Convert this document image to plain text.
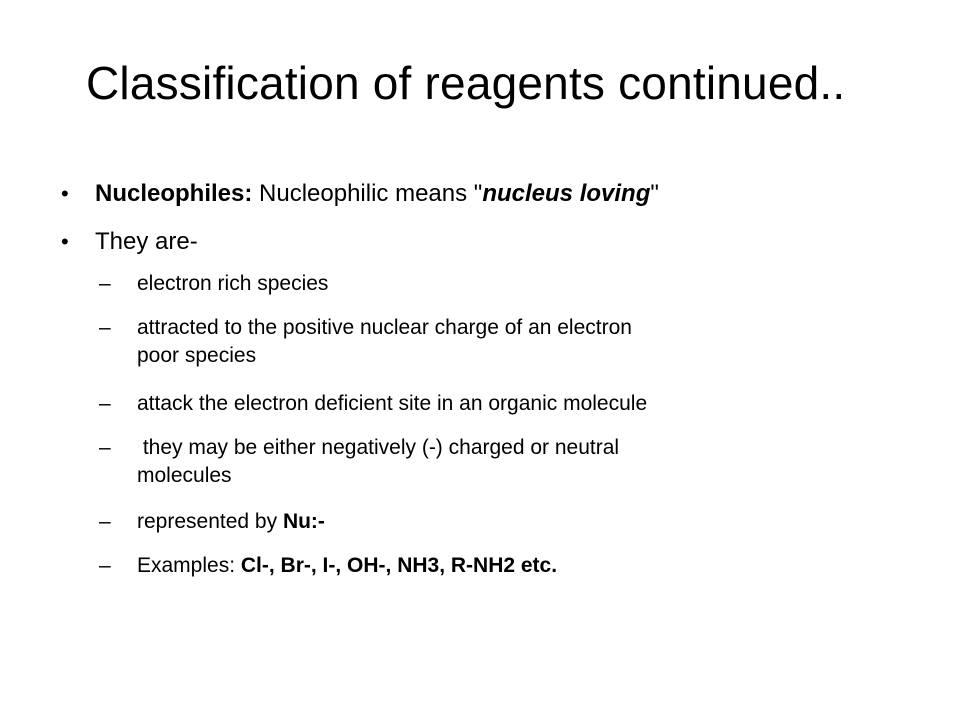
Classification of reagents continued..
• Nucleophiles: Nucleophilic means "nucleus loving"
• They are-
– electron rich species
– attracted to the positive nuclear charge of an electron
poor species
– attack the electron deficient site in an organic molecule
– they may be either negatively (-) charged or neutral
molecules
– represented by Nu:-
– Examples: Cl-, Br-, I-, OH-, NH3, R-NH2 etc.
